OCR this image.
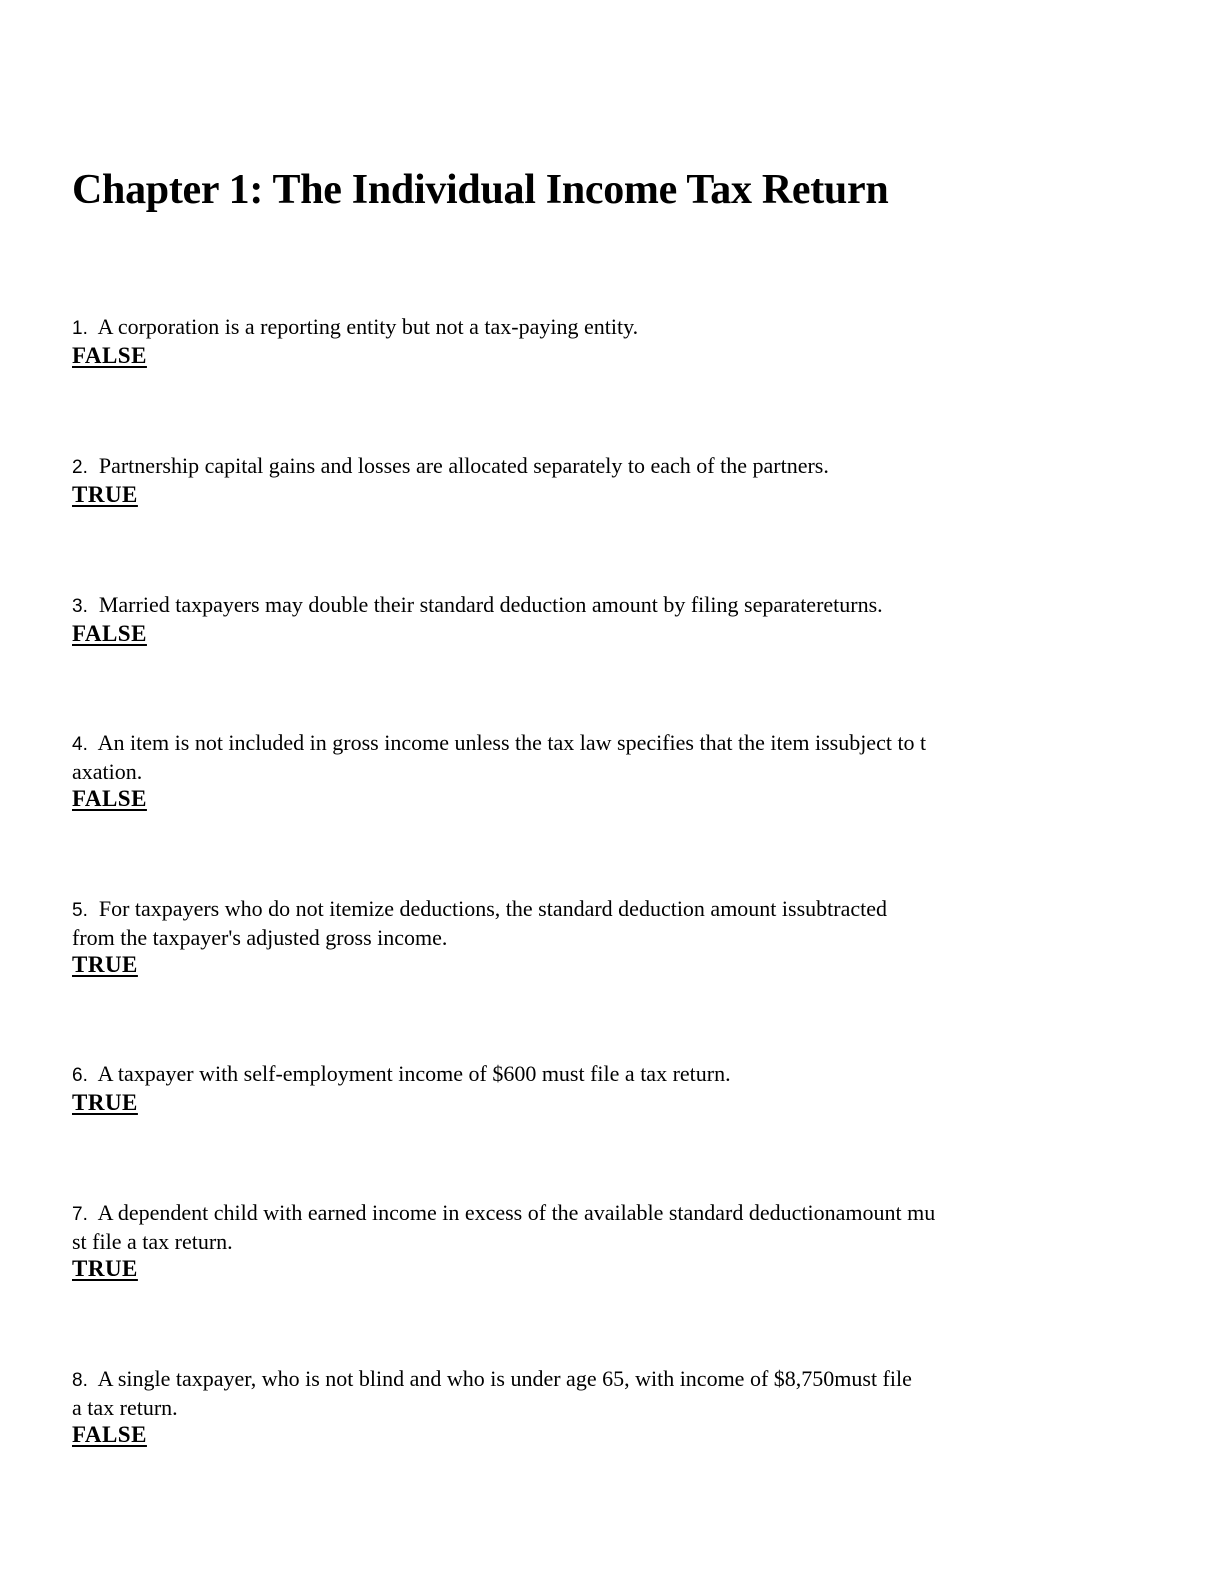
Chapter 1: The Individual Income Tax Return

1. A corporation is a reporting entity but not a tax-paying entity.

FALSE

2. Partnership capital gains and losses are allocated separately to each of the partners.

TRUE

3. Married taxpayers may double their standard deduction amount by filing separatereturns.

FALSE

4. An item is not included in gross income unless the tax law specifies that the item issubject to t
axation.

FALSE

5. For taxpayers who do not itemize deductions, the standard deduction amount issubtracted
from the taxpayer's adjusted gross income.

TRUE

6. A taxpayer with self-employment income of $600 must file a tax return.

TRUE

7. A dependent child with earned income in excess of the available standard deductionamount mu
st file a tax return.

TRUE

8. A single taxpayer, who is not blind and who is under age 65, with income of $8,750must file
a tax return.

FALSE
